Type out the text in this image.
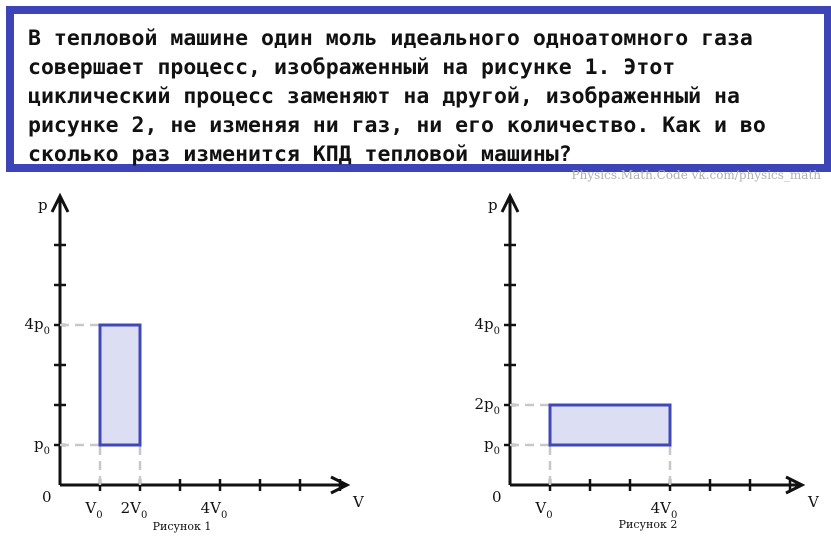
В тепловой машине один моль идеального одноатомного газа совершает процесс, изображенный на рисунке 1. Этот циклический процесс заменяют на другой, изображенный на рисунке 2, не изменяя ни газ, ни его количество. Как и во сколько раз изменится КПД тепловой машины?

Physics.Math.Code vk.com/physics_math
V
p
0
$V_0$ $2V_0$	$4V_0$
$p_0$
$4p_0$
Рисунок 1
V
p
0
$V_0$	$4V_0$
$p_0$
$2p_0$
$4p_0$
Рисунок 2
